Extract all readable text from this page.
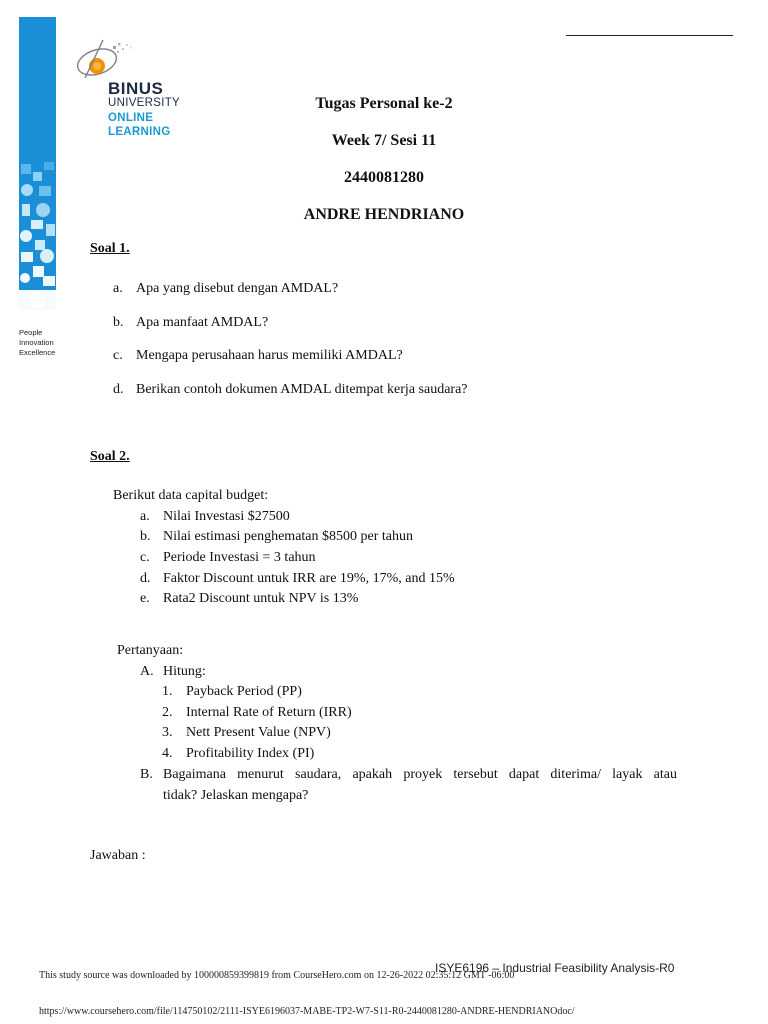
BINUS
UNIVERSITY
ONLINE
LEARNING
People
Innovation
Excellence
Tugas Personal ke-2
Week 7/ Sesi 11
2440081280
ANDRE HENDRIANO
Soal 1.
a. Apa yang disebut dengan AMDAL?
b. Apa manfaat AMDAL?
c. Mengapa perusahaan harus memiliki AMDAL?
d. Berikan contoh dokumen AMDAL ditempat kerja saudara?
Soal 2.
Berikut data capital budget:
a. Nilai Investasi $27500
b. Nilai estimasi penghematan $8500 per tahun
c. Periode Investasi = 3 tahun
d. Faktor Discount untuk IRR are 19%, 17%, and 15%
e. Rata2 Discount untuk NPV is 13%
Pertanyaan:
A. Hitung:
1. Payback Period (PP)
2. Internal Rate of Return (IRR)
3. Nett Present Value (NPV)
4. Profitability Index (PI)
B. Bagaimana menurut saudara, apakah proyek tersebut dapat diterima/ layak atau
tidak? Jelaskan mengapa?
Jawaban :
ISYE6196 – Industrial Feasibility Analysis-R0
This study source was downloaded by 100000859399819 from CourseHero.com on 12-26-2022 02:35:12 GMT -06:00
https://www.coursehero.com/file/114750102/2111-ISYE6196037-MABE-TP2-W7-S11-R0-2440081280-ANDRE-HENDRIANOdoc/
